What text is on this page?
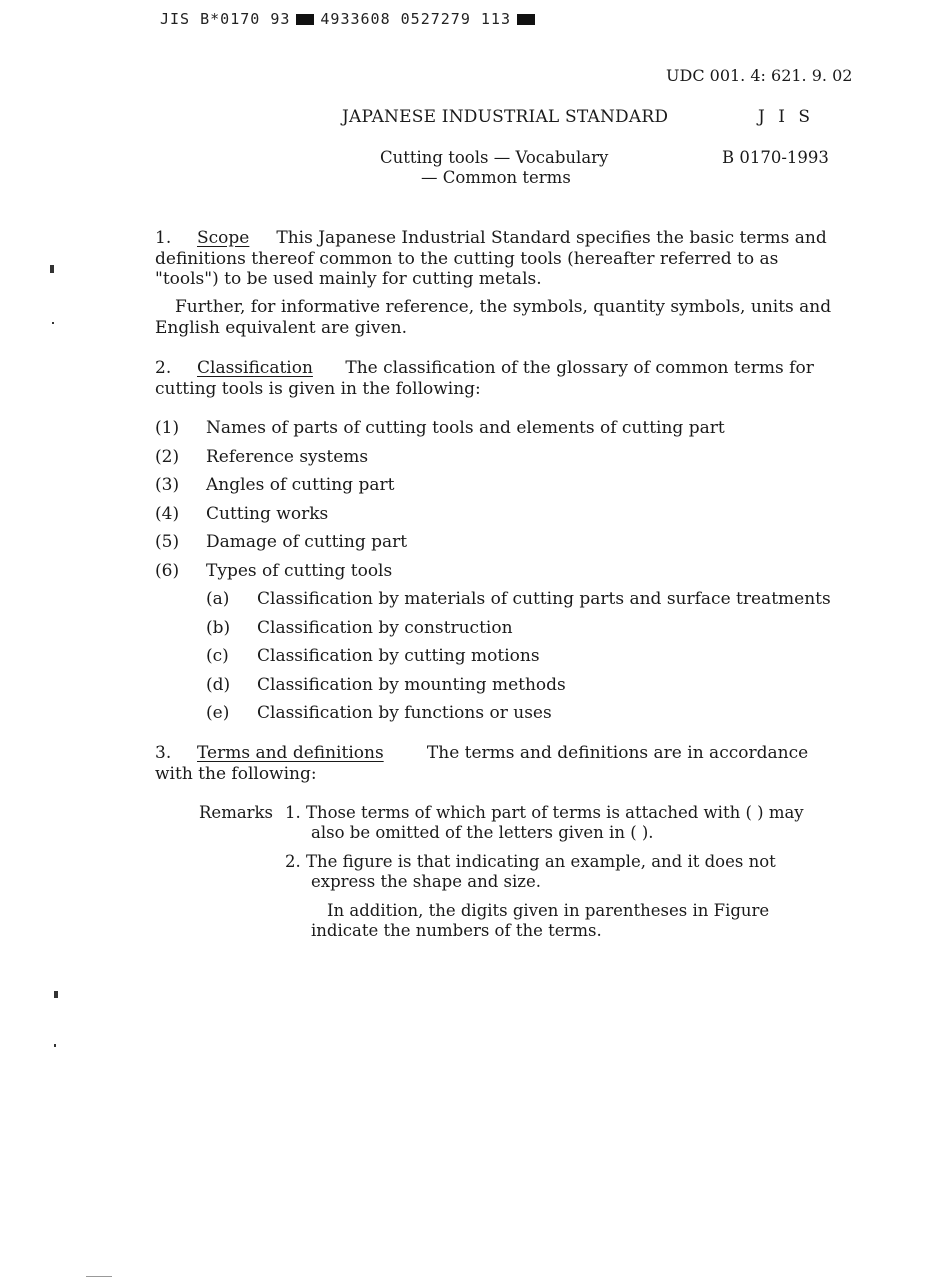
JIS B*0170 93 4933608 0527279 113
UDC 001. 4: 621. 9. 02
JAPANESE INDUSTRIAL STANDARD	J I S
Cutting tools — Vocabulary
— Common terms
B 0170-1993
1. Scope This Japanese Industrial Standard specifies the basic terms and definitions thereof common to the cutting tools (hereafter referred to as "tools") to be used mainly for cutting metals.
Further, for informative reference, the symbols, quantity symbols, units and English equivalent are given.
2. Classification The classification of the glossary of common terms for cutting tools is given in the following:
(1) Names of parts of cutting tools and elements of cutting part
(2) Reference systems
(3) Angles of cutting part
(4) Cutting works
(5) Damage of cutting part
(6) Types of cutting tools
(a) Classification by materials of cutting parts and surface treatments
(b) Classification by construction
(c) Classification by cutting motions
(d) Classification by mounting methods
(e) Classification by functions or uses
3. Terms and definitions	The terms and definitions are in accordance with the following:
Remarks 1. Those terms of which part of terms is attached with ( ) may also be omitted of the letters given in ( ).
2. The figure is that indicating an example, and it does not express the shape and size.
In addition, the digits given in parentheses in Figure indicate the numbers of the terms.
